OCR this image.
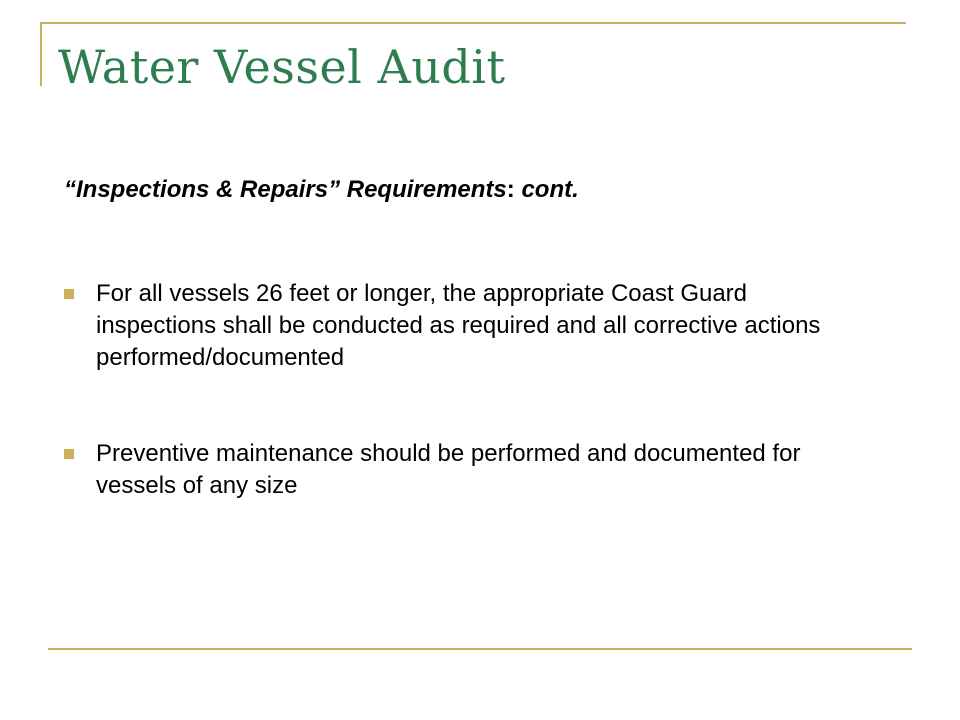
Water Vessel Audit

“Inspections & Repairs” Requirements: cont.

For all vessels 26 feet or longer, the appropriate Coast Guard inspections shall be conducted as required and all corrective actions performed/documented
Preventive maintenance should be performed and documented for vessels of any size
